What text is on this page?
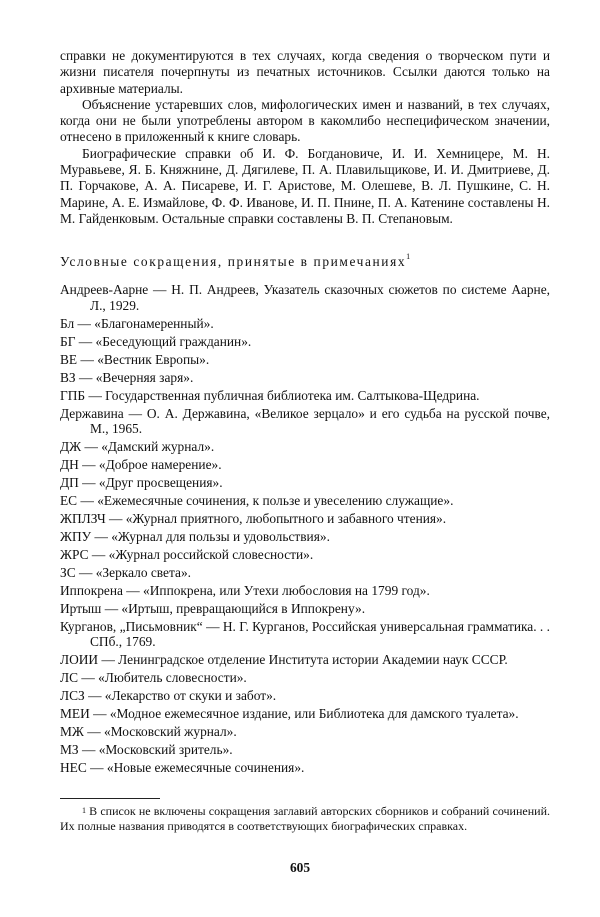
справки не документируются в тех случаях, когда сведения о творческом пути и жизни писателя почерпнуты из печатных источников. Ссылки даются только на архивные материалы.

Объяснение устаревших слов, мифологических имен и названий, в тех случаях, когда они не были употреблены автором в какомлибо неспецифическом значении, отнесено в приложенный к книге словарь.

Биографические справки об И. Ф. Богдановиче, И. И. Хемницере, М. Н. Муравьеве, Я. Б. Княжнине, Д. Дягилеве, П. А. Плавильщикове, И. И. Дмитриеве, Д. П. Горчакове, А. А. Писареве, И. Г. Аристове, М. Олешеве, В. Л. Пушкине, С. Н. Марине, А. Е. Измайлове, Ф. Ф. Иванове, И. П. Пнине, П. А. Катенине составлены Н. М. Гайденковым. Остальные справки составлены В. П. Степановым.

Условные сокращения, принятые в примечаниях$^1$
Андреев-Аарне — Н. П. Андреев, Указатель сказочных сюжетов по системе Аарне, Л., 1929.
Бл — «Благонамеренный».
БГ — «Беседующий гражданин».
ВЕ — «Вестник Европы».
ВЗ — «Вечерняя заря».
ГПБ — Государственная публичная библиотека им. Салтыкова-Щедрина.
Державина — О. А. Державина, «Великое зерцало» и его судьба на русской почве, М., 1965.
ДЖ — «Дамский журнал».
ДН — «Доброе намерение».
ДП — «Друг просвещения».
ЕС — «Ежемесячные сочинения, к пользе и увеселению служащие».
ЖПЛЗЧ — «Журнал приятного, любопытного и забавного чтения».
ЖПУ — «Журнал для пользы и удовольствия».
ЖРС — «Журнал российской словесности».
ЗС — «Зеркало света».
Иппокрена — «Иппокрена, или Утехи любословия на 1799 год».
Иртыш — «Иртыш, превращающийся в Иппокрену».
Курганов, „Письмовник“ — Н. Г. Курганов, Российская универсальная грамматика. . . СПб., 1769.
ЛОИИ — Ленинградское отделение Института истории Академии наук СССР.
ЛС — «Любитель словесности».
ЛСЗ — «Лекарство от скуки и забот».
МЕИ — «Модное ежемесячное издание, или Библиотека для дамского туалета».
МЖ — «Московский журнал».
МЗ — «Московский зритель».
НЕС — «Новые ежемесячные сочинения».

$^1$ В список не включены сокращения заглавий авторских сборников и собраний сочинений. Их полные названия приводятся в соответствующих биографических справках.

605
